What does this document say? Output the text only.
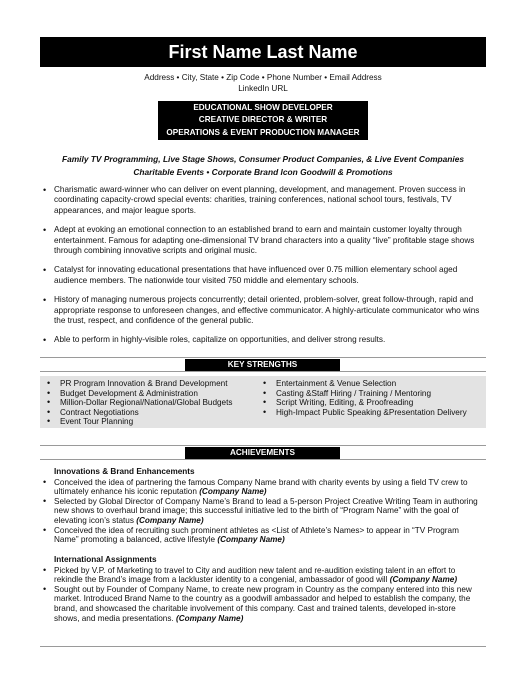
First Name Last Name
Address • City, State • Zip Code • Phone Number • Email Address
LinkedIn URL
EDUCATIONAL SHOW DEVELOPER
CREATIVE DIRECTOR & WRITER
OPERATIONS & EVENT PRODUCTION MANAGER
Family TV Programming, Live Stage Shows, Consumer Product Companies, & Live Event Companies
Charitable Events • Corporate Brand Icon Goodwill & Promotions
• Charismatic award-winner who can deliver on event planning, development, and management. Proven success in coordinating capacity-crowd special events: charities, training conferences, national school tours, festivals, TV appearances, and major league sports.
• Adept at evoking an emotional connection to an established brand to earn and maintain customer loyalty through entertainment. Famous for adapting one-dimensional TV brand characters into a quality “live” profitable stage shows through combining innovative scripts and original music.
• Catalyst for innovating educational presentations that have influenced over 0.75 million elementary school aged audience members. The nationwide tour visited 750 middle and elementary schools.
• History of managing numerous projects concurrently; detail oriented, problem-solver, great follow-through, rapid and appropriate response to unforeseen changes, and effective communicator. A highly-articulate communicator who wins the trust, respect, and confidence of the general public.
• Able to perform in highly-visible roles, capitalize on opportunities, and deliver strong results.
KEY STRENGTHS
• PR Program Innovation & Brand Development
• Budget Development & Administration
• Million-Dollar Regional/National/Global Budgets
• Contract Negotiations
• Event Tour Planning
• Entertainment & Venue Selection
• Casting &Staff Hiring / Training / Mentoring
• Script Writing, Editing, & Proofreading
• High-Impact Public Speaking &Presentation Delivery
ACHIEVEMENTS
Innovations & Brand Enhancements
• Conceived the idea of partnering the famous Company Name brand with charity events by using a field TV crew to ultimately enhance his iconic reputation (Company Name)
• Selected by Global Director of Company Name’s Brand to lead a 5-person Project Creative Writing Team in authoring new shows to overhaul brand image; this successful initiative led to the birth of “Program Name” with the goal of elevating icon’s status (Company Name)
• Conceived the idea of recruiting such prominent athletes as <List of Athlete’s Names> to appear in “TV Program Name” promoting a balanced, active lifestyle (Company Name)
International Assignments
• Picked by V.P. of Marketing to travel to City and audition new talent and re-audition existing talent in an effort to rekindle the Brand’s image from a lackluster identity to a congenial, ambassador of good will (Company Name)
• Sought out by Founder of Company Name, to create new program in Country as the company entered into this new market. Introduced Brand Name to the country as a goodwill ambassador and helped to establish the company, the brand, and showcased the charitable involvement of this company. Cast and trained talents, developed in-store shows, and media presentations. (Company Name)
